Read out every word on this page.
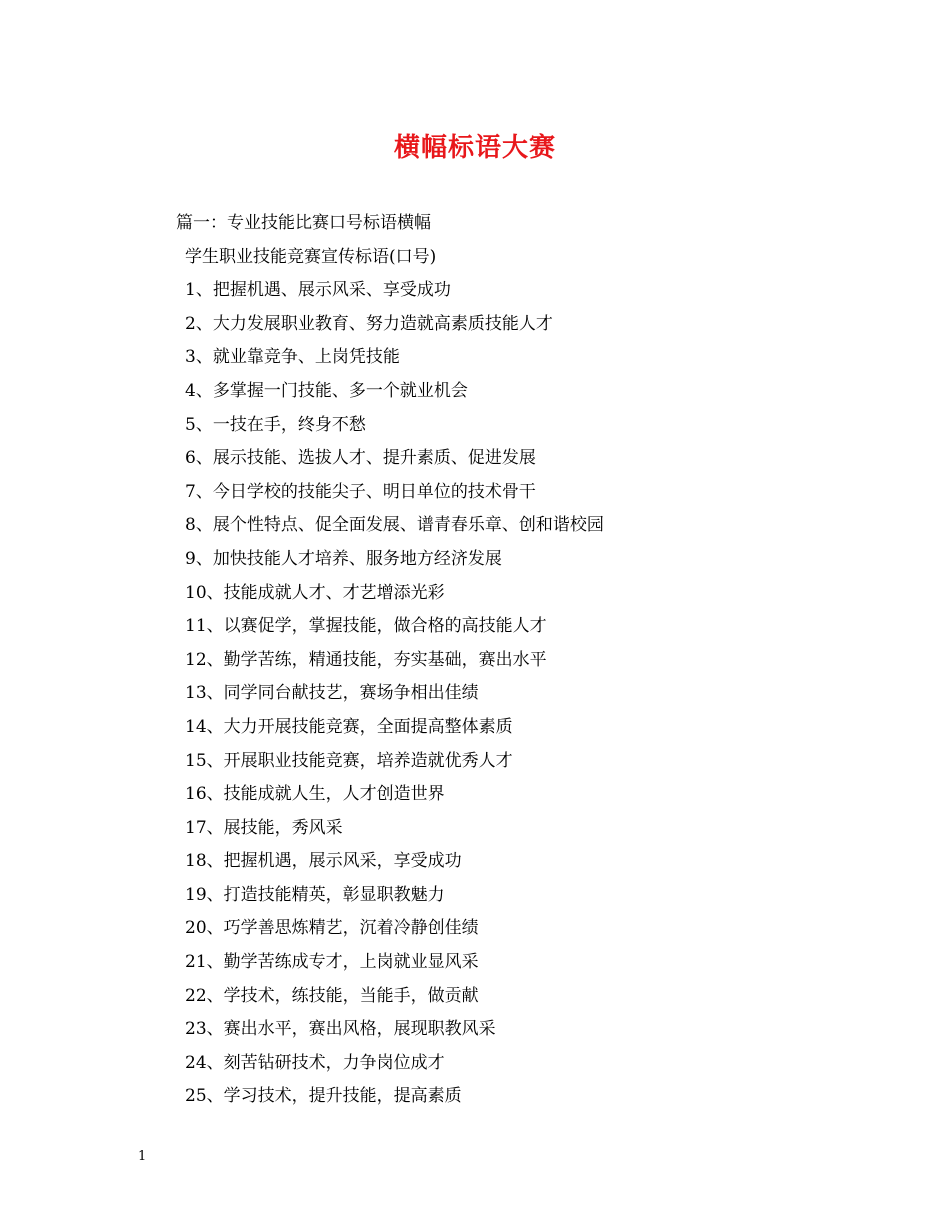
横幅标语大赛
篇一：专业技能比赛口号标语横幅
学生职业技能竞赛宣传标语(口号)
1、把握机遇、展示风采、享受成功
2、大力发展职业教育、努力造就高素质技能人才
3、就业靠竞争、上岗凭技能
4、多掌握一门技能、多一个就业机会
5、一技在手，终身不愁
6、展示技能、选拔人才、提升素质、促进发展
7、今日学校的技能尖子、明日单位的技术骨干
8、展个性特点、促全面发展、谱青春乐章、创和谐校园
9、加快技能人才培养、服务地方经济发展
10、技能成就人才、才艺增添光彩
11、以赛促学，掌握技能，做合格的高技能人才
12、勤学苦练，精通技能，夯实基础，赛出水平
13、同学同台献技艺，赛场争相出佳绩
14、大力开展技能竞赛，全面提高整体素质
15、开展职业技能竞赛，培养造就优秀人才
16、技能成就人生，人才创造世界
17、展技能，秀风采
18、把握机遇，展示风采，享受成功
19、打造技能精英，彰显职教魅力
20、巧学善思炼精艺，沉着冷静创佳绩
21、勤学苦练成专才，上岗就业显风采
22、学技术，练技能，当能手，做贡献
23、赛出水平，赛出风格，展现职教风采
24、刻苦钻研技术，力争岗位成才
25、学习技术，提升技能，提高素质
1
